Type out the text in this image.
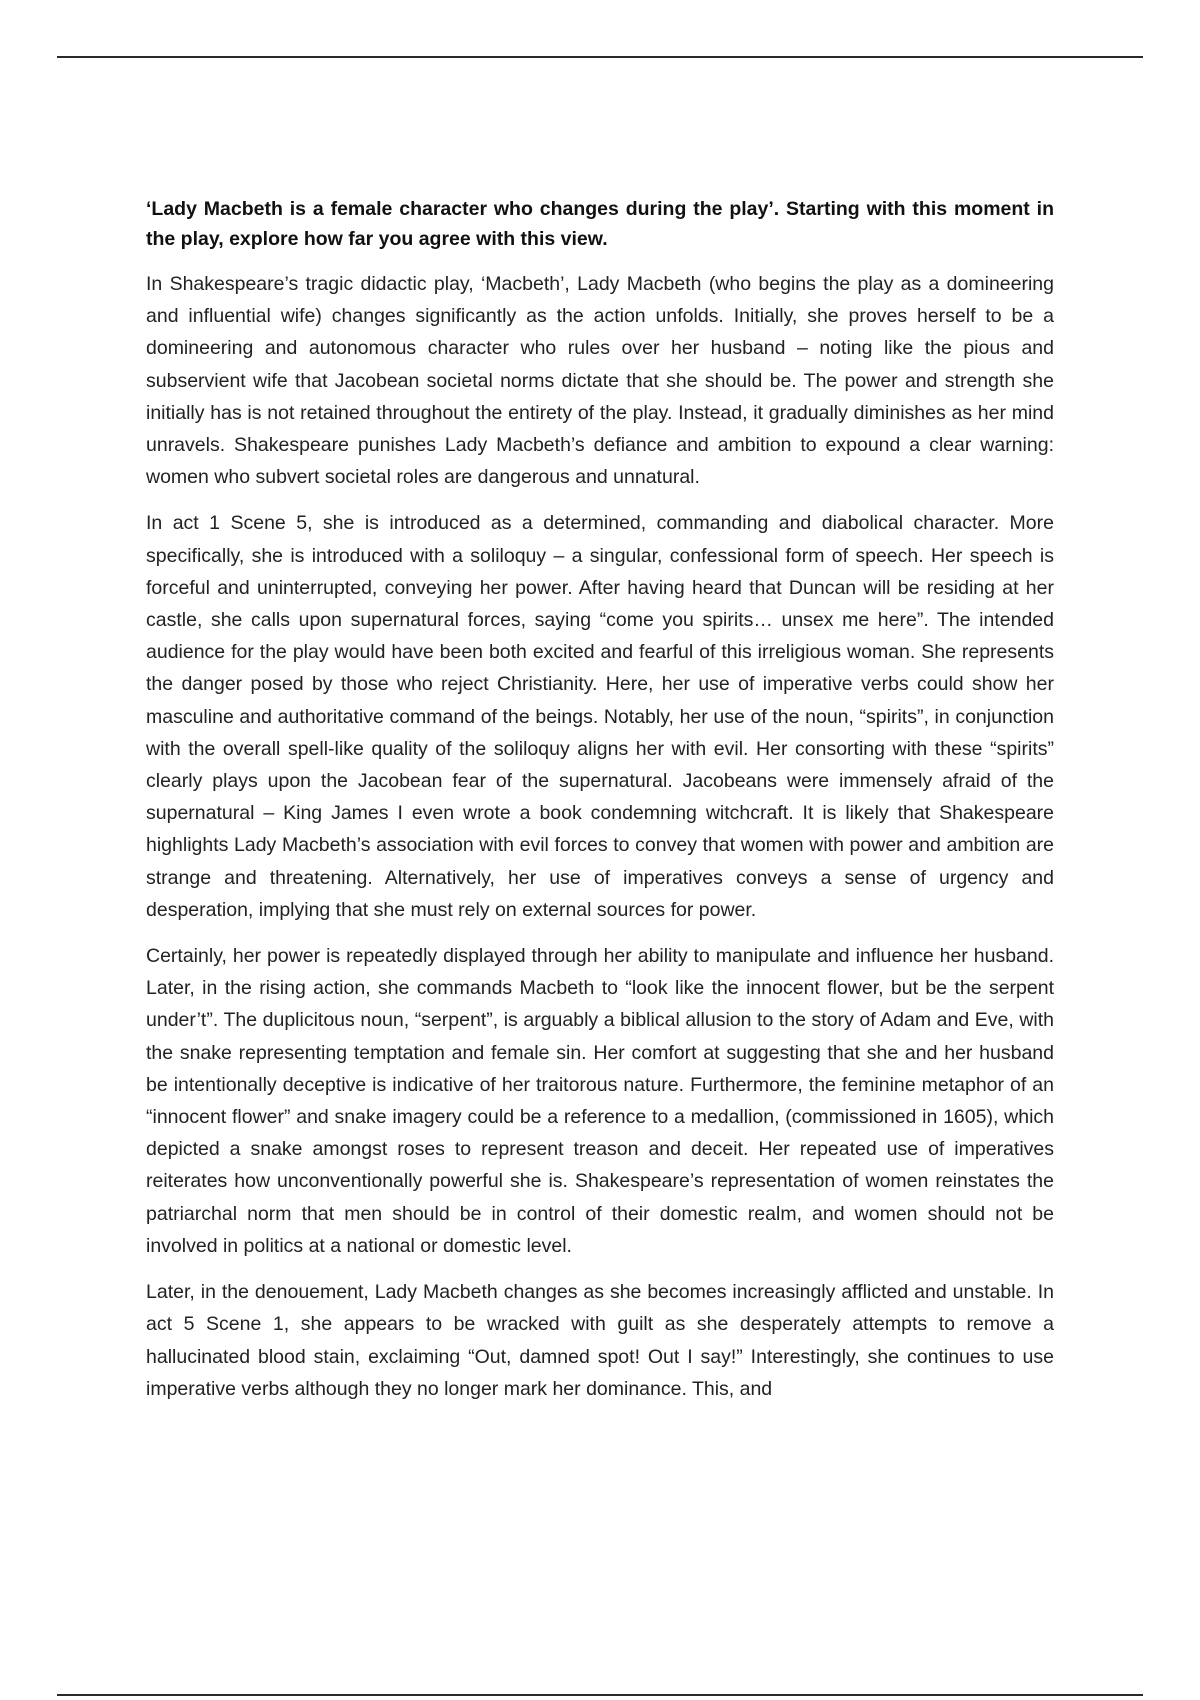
‘Lady Macbeth is a female character who changes during the play’. Starting with this moment in the play, explore how far you agree with this view.

In Shakespeare’s tragic didactic play, ‘Macbeth’, Lady Macbeth (who begins the play as a domineering and influential wife) changes significantly as the action unfolds. Initially, she proves herself to be a domineering and autonomous character who rules over her husband – noting like the pious and subservient wife that Jacobean societal norms dictate that she should be. The power and strength she initially has is not retained throughout the entirety of the play. Instead, it gradually diminishes as her mind unravels. Shakespeare punishes Lady Macbeth’s defiance and ambition to expound a clear warning: women who subvert societal roles are dangerous and unnatural.

In act 1 Scene 5, she is introduced as a determined, commanding and diabolical character. More specifically, she is introduced with a soliloquy – a singular, confessional form of speech. Her speech is forceful and uninterrupted, conveying her power. After having heard that Duncan will be residing at her castle, she calls upon supernatural forces, saying “come you spirits… unsex me here”. The intended audience for the play would have been both excited and fearful of this irreligious woman. She represents the danger posed by those who reject Christianity. Here, her use of imperative verbs could show her masculine and authoritative command of the beings. Notably, her use of the noun, “spirits”, in conjunction with the overall spell-like quality of the soliloquy aligns her with evil. Her consorting with these “spirits” clearly plays upon the Jacobean fear of the supernatural. Jacobeans were immensely afraid of the supernatural – King James I even wrote a book condemning witchcraft. It is likely that Shakespeare highlights Lady Macbeth’s association with evil forces to convey that women with power and ambition are strange and threatening. Alternatively, her use of imperatives conveys a sense of urgency and desperation, implying that she must rely on external sources for power.

Certainly, her power is repeatedly displayed through her ability to manipulate and influence her husband. Later, in the rising action, she commands Macbeth to “look like the innocent flower, but be the serpent under’t”. The duplicitous noun, “serpent”, is arguably a biblical allusion to the story of Adam and Eve, with the snake representing temptation and female sin. Her comfort at suggesting that she and her husband be intentionally deceptive is indicative of her traitorous nature. Furthermore, the feminine metaphor of an “innocent flower” and snake imagery could be a reference to a medallion, (commissioned in 1605), which depicted a snake amongst roses to represent treason and deceit. Her repeated use of imperatives reiterates how unconventionally powerful she is. Shakespeare’s representation of women reinstates the patriarchal norm that men should be in control of their domestic realm, and women should not be involved in politics at a national or domestic level.

Later, in the denouement, Lady Macbeth changes as she becomes increasingly afflicted and unstable. In act 5 Scene 1, she appears to be wracked with guilt as she desperately attempts to remove a hallucinated blood stain, exclaiming “Out, damned spot! Out I say!” Interestingly, she continues to use imperative verbs although they no longer mark her dominance. This, and
